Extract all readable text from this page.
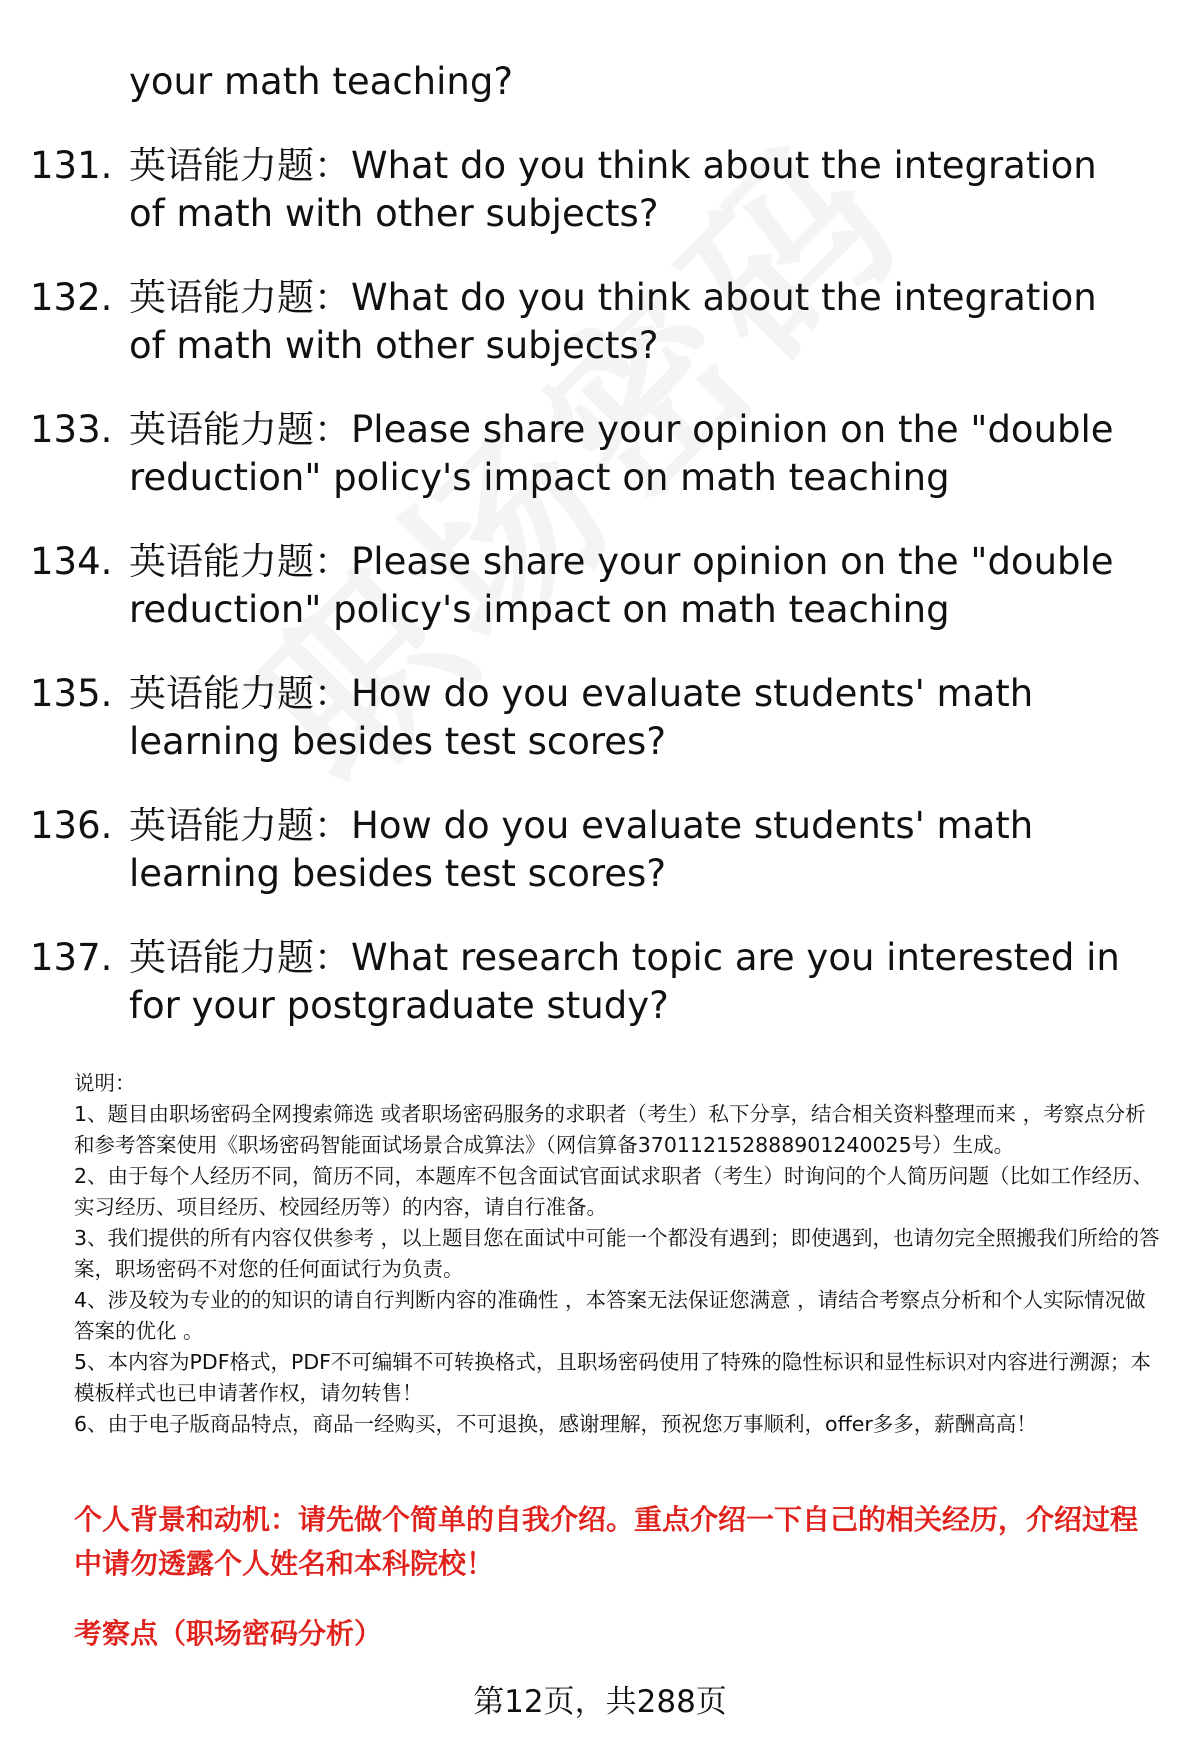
your math teaching?
131. 英语能力题：What do you think about the integration of math with other subjects?
132. 英语能力题：What do you think about the integration of math with other subjects?
133. 英语能力题：Please share your opinion on the "double reduction" policy's impact on math teaching
134. 英语能力题：Please share your opinion on the "double reduction" policy's impact on math teaching
135. 英语能力题：How do you evaluate students' math learning besides test scores?
136. 英语能力题：How do you evaluate students' math learning besides test scores?
137. 英语能力题：What research topic are you interested in for your postgraduate study?

说明：

1、题目由职场密码全网搜索筛选 或者职场密码服务的求职者（考生）私下分享，结合相关资料整理而来 ，考察点分析和参考答案使用《职场密码智能面试场景合成算法》（网信算备370112152888901240025号）生成。

2、由于每个人经历不同，简历不同，本题库不包含面试官面试求职者（考生）时询问的个人简历问题（比如工作经历、实习经历、项目经历、校园经历等）的内容，请自行准备。

3、我们提供的所有内容仅供参考 ，以上题目您在面试中可能一个都没有遇到；即使遇到，也请勿完全照搬我们所给的答案，职场密码不对您的任何面试行为负责。

4、涉及较为专业的的知识的请自行判断内容的准确性 ，本答案无法保证您满意 ，请结合考察点分析和个人实际情况做答案的优化 。

5、本内容为PDF格式，PDF不可编辑不可转换格式，且职场密码使用了特殊的隐性标识和显性标识对内容进行溯源；本模板样式也已申请著作权，请勿转售！

6、由于电子版商品特点，商品一经购买，不可退换，感谢理解，预祝您万事顺利，offer多多，薪酬高高！

个人背景和动机：请先做个简单的自我介绍。重点介绍一下自己的相关经历，介绍过程中请勿透露个人姓名和本科院校！
考察点（职场密码分析）
第12页，共288页
